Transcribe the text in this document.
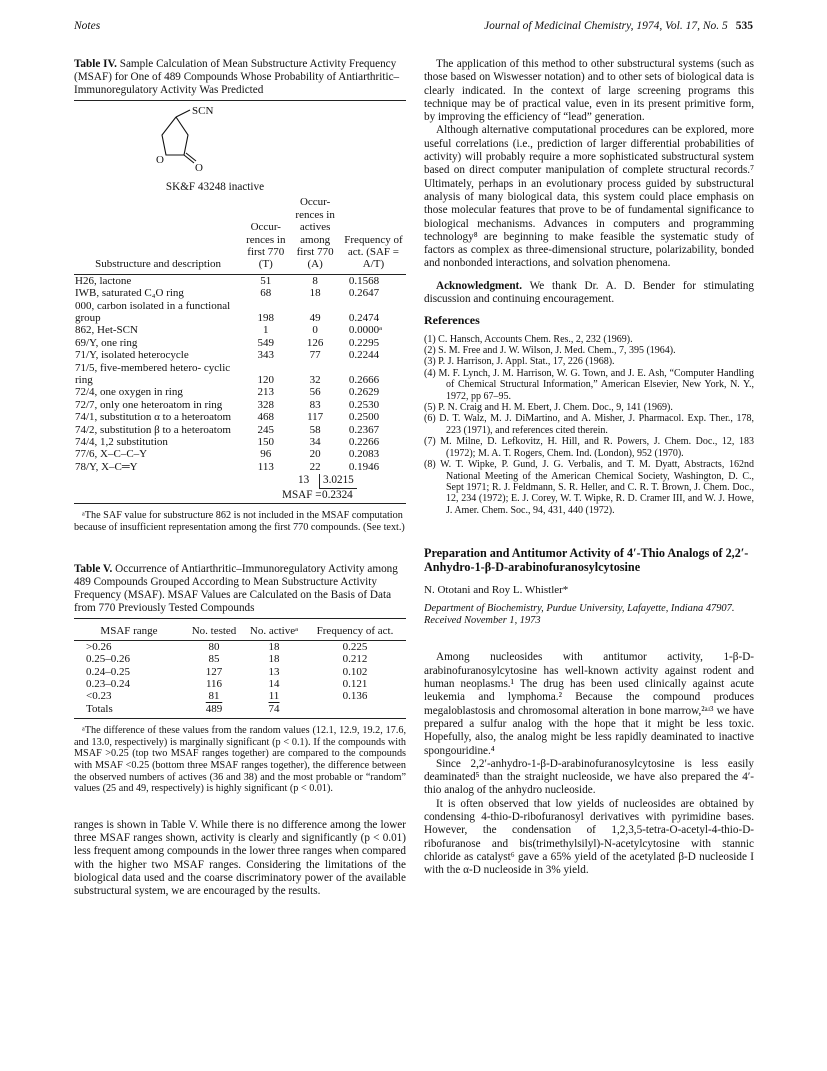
Notes	Journal of Medicinal Chemistry, 1974, Vol. 17, No. 5 535
Table IV. Sample Calculation of Mean Substructure Activity Frequency (MSAF) for One of 489 Compounds Whose Probability of Antiarthritic–Immunoregulatory Activity Was Predicted
SCN
O
O
SK&F 43248 inactive
Substructure and description	Occur- rences in first 770 (T)	Occur- rences in actives among first 770 (A)	Frequency of act. (SAF = A/T)
H26, lactone	51	8	0.1568
IWB, saturated C₄O ring	68	18	0.2647
000, carbon isolated in a functional group	198	49	0.2474
862, Het-SCN	1	0	0.0000ᵃ
69/Y, one ring	549	126	0.2295
71/Y, isolated heterocycle	343	77	0.2244
71/5, five-membered hetero- cyclic ring	120	32	0.2666
72/4, one oxygen in ring	213	56	0.2629
72/7, only one heteroatom in ring	328	83	0.2530
74/1, substitution α to a heteroatom	468	117	0.2500
74/2, substitution β to a heteroatom	245	58	0.2367
74/4, 1,2 substitution	150	34	0.2266
77/6, X–C–C–Y	96	20	0.2083
78/Y, X–C═Y	113	22	0.1946
13	3.0215
MSAF = 0.2324
ᵃThe SAF value for substructure 862 is not included in the MSAF computation because of insufficient representation among the first 770 compounds. (See text.)
Table V. Occurrence of Antiarthritic–Immunoregulatory Activity among 489 Compounds Grouped According to Mean Substructure Activity Frequency (MSAF). MSAF Values are Calculated on the Basis of Data from 770 Previously Tested Compounds
MSAF range	No. tested	No. activeᵃ	Frequency of act.
>0.26	80	18	0.225
0.25–0.26	85	18	0.212
0.24–0.25	127	13	0.102
0.23–0.24	116	14	0.121
<0.23	81	11	0.136
Totals	489	74	
ᵃThe difference of these values from the random values (12.1, 12.9, 19.2, 17.6, and 13.0, respectively) is marginally significant (p < 0.1). If the compounds with MSAF >0.25 (top two MSAF ranges together) are compared to the compounds with MSAF <0.25 (bottom three MSAF ranges together), the difference between the observed numbers of actives (36 and 38) and the most probable or “random” values (25 and 49, respectively) is highly significant (p < 0.01).

ranges is shown in Table V. While there is no difference among the lower three MSAF ranges shown, activity is clearly and significantly (p < 0.01) less frequent among compounds in the lower three ranges when compared with the higher two MSAF ranges. Considering the limitations of the biological data used and the coarse discriminatory power of the available substructural system, we are encouraged by the results.

The application of this method to other substructural systems (such as those based on Wiswesser notation) and to other sets of biological data is clearly indicated. In the context of large screening programs this technique may be of practical value, even in its present primitive form, by improving the efficiency of “lead” generation.

Although alternative computational procedures can be explored, more useful correlations (i.e., prediction of larger differential probabilities of activity) will probably require a more sophisticated substructural system based on direct computer manipulation of complete structural records.⁷ Ultimately, perhaps in an evolutionary process guided by substructural analysis of many biological data, this system could place emphasis on those molecular features that prove to be of fundamental significance to biological mechanisms. Advances in computers and programming technology⁸ are beginning to make feasible the systematic study of factors as complex as three-dimensional structure, polarizability, bonded and nonbonded interactions, and solvation phenomena.

Acknowledgment. We thank Dr. A. D. Bender for stimulating discussion and continuing encouragement.

References
(1) C. Hansch, Accounts Chem. Res., 2, 232 (1969).
(2) S. M. Free and J. W. Wilson, J. Med. Chem., 7, 395 (1964).
(3) P. J. Harrison, J. Appl. Stat., 17, 226 (1968).
(4) M. F. Lynch, J. M. Harrison, W. G. Town, and J. E. Ash, “Computer Handling of Chemical Structural Information,” American Elsevier, New York, N. Y., 1972, pp 67–95.
(5) P. N. Craig and H. M. Ebert, J. Chem. Doc., 9, 141 (1969).
(6) D. T. Walz, M. J. DiMartino, and A. Misher, J. Pharmacol. Exp. Ther., 178, 223 (1971), and references cited therein.
(7) M. Milne, D. Lefkovitz, H. Hill, and R. Powers, J. Chem. Doc., 12, 183 (1972); M. A. T. Rogers, Chem. Ind. (London), 952 (1970).
(8) W. T. Wipke, P. Gund, J. G. Verbalis, and T. M. Dyatt, Abstracts, 162nd National Meeting of the American Chemical Society, Washington, D. C., Sept 1971; R. J. Feldmann, S. R. Heller, and C. R. T. Brown, J. Chem. Doc., 12, 234 (1972); E. J. Corey, W. T. Wipke, R. D. Cramer III, and W. J. Howe, J. Amer. Chem. Soc., 94, 431, 440 (1972).
Preparation and Antitumor Activity of 4′-Thio Analogs of 2,2′-Anhydro-1-β-D-arabinofuranosylcytosine
N. Ototani and Roy L. Whistler*
Department of Biochemistry, Purdue University, Lafayette, Indiana 47907. Received November 1, 1973

Among nucleosides with antitumor activity, 1-β-D-arabinofuranosylcytosine has well-known activity against rodent and human neoplasms.¹ The drug has been used clinically against acute leukemia and lymphoma.² Because the compound produces megaloblastosis and chromosomal alteration in bone marrow,²ᵃʴ³ we have prepared a sulfur analog with the hope that it might be less toxic. Hopefully, also, the analog might be less rapidly deaminated to inactive spongouridine.⁴

Since 2,2′-anhydro-1-β-D-arabinofuranosylcytosine is less easily deaminated⁵ than the straight nucleoside, we have also prepared the 4′-thio analog of the anhydro nucleoside.

It is often observed that low yields of nucleosides are obtained by condensing 4-thio-D-ribofuranosyl derivatives with pyrimidine bases. However, the condensation of 1,2,3,5-tetra-O-acetyl-4-thio-D-ribofuranose and bis(trimethylsilyl)-N-acetylcytosine with stannic chloride as catalyst⁶ gave a 65% yield of the acetylated β-D nucleoside I with the α-D nucleoside in 3% yield.
